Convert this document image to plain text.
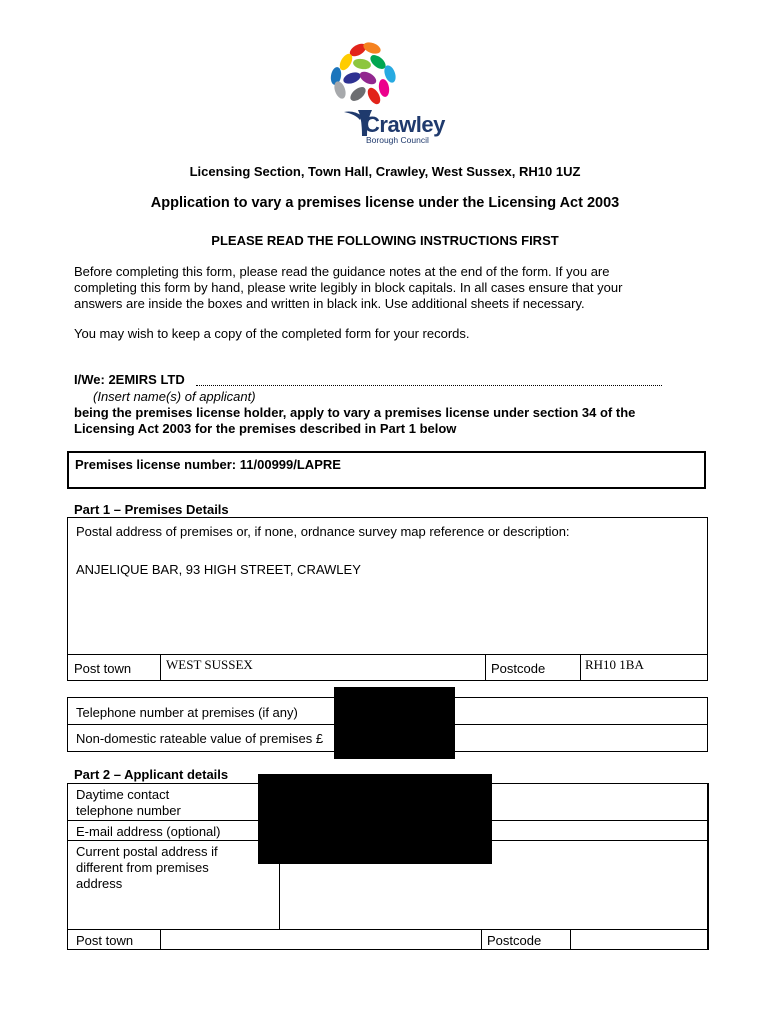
Crawley
Borough Council
Licensing Section, Town Hall, Crawley, West Sussex, RH10 1UZ
Application to vary a premises license under the Licensing Act 2003
PLEASE READ THE FOLLOWING INSTRUCTIONS FIRST
Before completing this form, please read the guidance notes at the end of the form. If you are
completing this form by hand, please write legibly in block capitals. In all cases ensure that your
answers are inside the boxes and written in black ink. Use additional sheets if necessary.
You may wish to keep a copy of the completed form for your records.
I/We: 2EMIRS LTD
(Insert name(s) of applicant)
being the premises license holder, apply to vary a premises license under section 34 of the
Licensing Act 2003 for the premises described in Part 1 below
Premises license number: 11/00999/LAPRE
Part 1 – Premises Details
Postal address of premises or, if none, ordnance survey map reference or description:
ANJELIQUE BAR, 93 HIGH STREET, CRAWLEY
Post town	WEST SUSSEX	Postcode	RH10 1BA
Telephone number at premises (if any)
Non-domestic rateable value of premises £
Part 2 – Applicant details
Daytime contact
telephone number
E-mail address (optional)
Current postal address if
different from premises
address
Post town	Postcode
